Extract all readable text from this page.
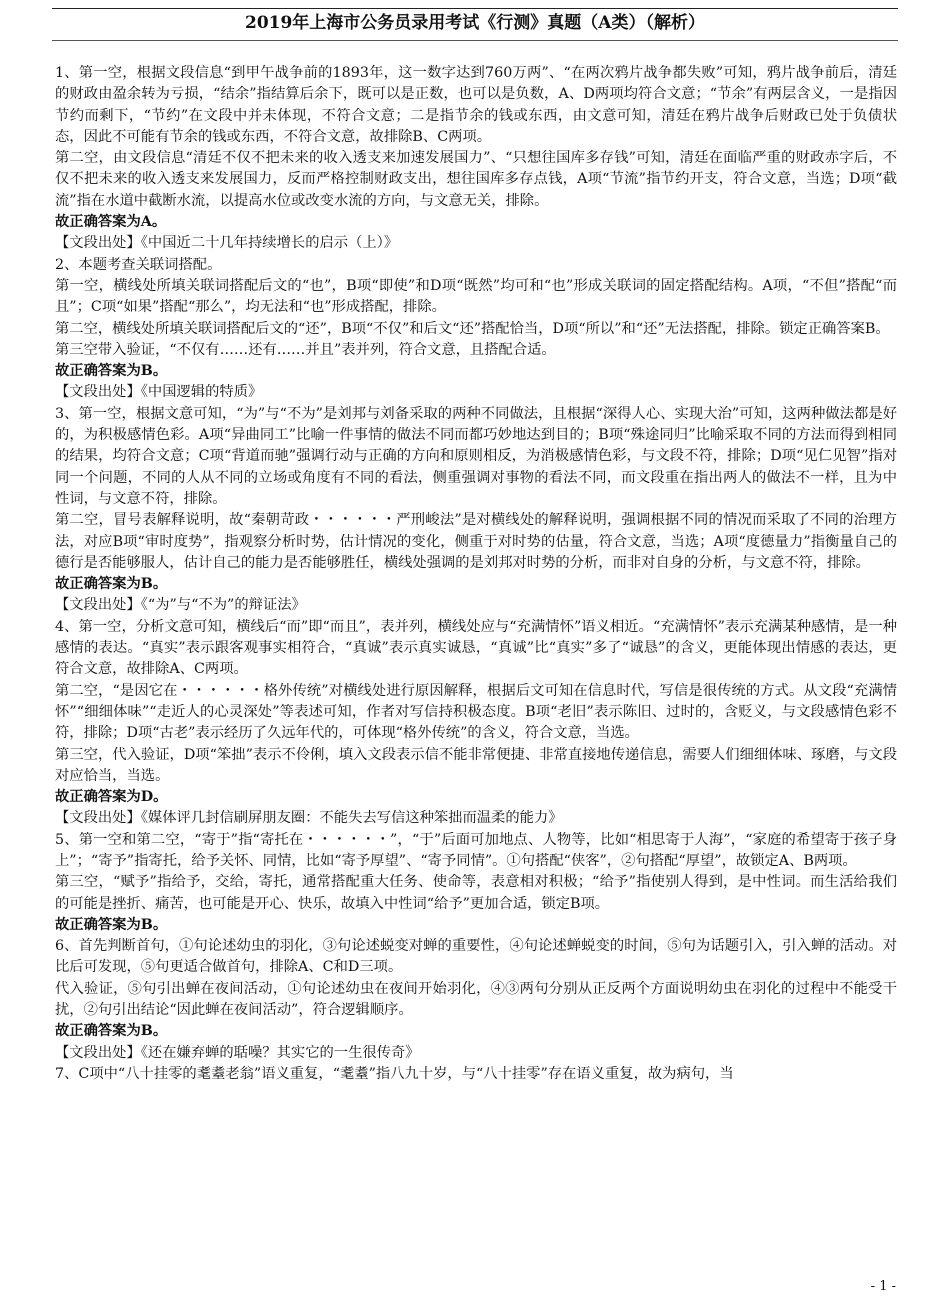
2019年上海市公务员录用考试《行测》真题（A类）（解析）

1、第一空，根据文段信息“到甲午战争前的1893年，这一数字达到760万两”、“在两次鸦片战争都失败”可知，鸦片战争前后，清廷的财政由盈余转为亏损，“结余”指结算后余下，既可以是正数，也可以是负数，A、D两项均符合文意；“节余”有两层含义，一是指因节约而剩下，“节约”在文段中并未体现，不符合文意；二是指节余的钱或东西，由文意可知，清廷在鸦片战争后财政已处于负债状态，因此不可能有节余的钱或东西，不符合文意，故排除B、C两项。

第二空，由文段信息“清廷不仅不把未来的收入透支来加速发展国力”、“只想往国库多存钱”可知，清廷在面临严重的财政赤字后，不仅不把未来的收入透支来发展国力，反而严格控制财政支出，想往国库多存点钱，A项“节流”指节约开支，符合文意，当选；D项“截流”指在水道中截断水流，以提高水位或改变水流的方向，与文意无关，排除。

故正确答案为A。

【文段出处】《中国近二十几年持续增长的启示（上）》

2、本题考查关联词搭配。

第一空，横线处所填关联词搭配后文的“也”，B项“即使”和D项“既然”均可和“也”形成关联词的固定搭配结构。A项，“不但”搭配“而且”；C项“如果”搭配“那么”，均无法和“也”形成搭配，排除。

第二空，横线处所填关联词搭配后文的“还”，B项“不仅”和后文“还”搭配恰当，D项“所以”和“还”无法搭配，排除。锁定正确答案B。

第三空带入验证，“不仅有……还有……并且”表并列，符合文意，且搭配合适。

故正确答案为B。

【文段出处】《中国逻辑的特质》

3、第一空，根据文意可知，“为”与“不为”是刘邦与刘备采取的两种不同做法，且根据“深得人心、实现大治”可知，这两种做法都是好的，为积极感情色彩。A项“异曲同工”比喻一件事情的做法不同而都巧妙地达到目的；B项“殊途同归”比喻采取不同的方法而得到相同的结果，均符合文意；C项“背道而驰”强调行动与正确的方向和原则相反，为消极感情色彩，与文段不符，排除；D项“见仁见智”指对同一个问题，不同的人从不同的立场或角度有不同的看法，侧重强调对事物的看法不同，而文段重在指出两人的做法不一样，且为中性词，与文意不符，排除。

第二空，冒号表解释说明，故“秦朝苛政・・・・・・严刑峻法”是对横线处的解释说明，强调根据不同的情况而采取了不同的治理方法，对应B项“审时度势”，指观察分析时势，估计情况的变化，侧重于对时势的估量，符合文意，当选；A项“度德量力”指衡量自己的德行是否能够服人，估计自己的能力是否能够胜任，横线处强调的是刘邦对时势的分析，而非对自身的分析，与文意不符，排除。

故正确答案为B。

【文段出处】《“为”与“不为”的辩证法》

4、第一空，分析文意可知，横线后“而”即“而且”，表并列，横线处应与“充满情怀”语义相近。“充满情怀”表示充满某种感情，是一种感情的表达。“真实”表示跟客观事实相符合，“真诚”表示真实诚恳，“真诚”比“真实”多了“诚恳”的含义，更能体现出情感的表达，更符合文意，故排除A、C两项。

第二空，“是因它在・・・・・・格外传统”对横线处进行原因解释，根据后文可知在信息时代，写信是很传统的方式。从文段“充满情怀”“细细体味”“走近人的心灵深处”等表述可知，作者对写信持积极态度。B项“老旧”表示陈旧、过时的，含贬义，与文段感情色彩不符，排除；D项“古老”表示经历了久远年代的，可体现“格外传统”的含义，符合文意，当选。

第三空，代入验证，D项“笨拙”表示不伶俐，填入文段表示信不能非常便捷、非常直接地传递信息，需要人们细细体味、琢磨，与文段对应恰当，当选。

故正确答案为D。

【文段出处】《媒体评几封信刷屏朋友圈：不能失去写信这种笨拙而温柔的能力》

5、第一空和第二空，“寄于”指“寄托在・・・・・・”，“于”后面可加地点、人物等，比如“相思寄于人海”，“家庭的希望寄于孩子身上”；“寄予”指寄托，给予关怀、同情，比如“寄予厚望”、“寄予同情”。①句搭配“侠客”，②句搭配“厚望”，故锁定A、B两项。

第三空，“赋予”指给予，交给，寄托，通常搭配重大任务、使命等，表意相对积极；“给予”指使别人得到，是中性词。而生活给我们的可能是挫折、痛苦，也可能是开心、快乐，故填入中性词“给予”更加合适，锁定B项。

故正确答案为B。

6、首先判断首句，①句论述幼虫的羽化，③句论述蜕变对蝉的重要性，④句论述蝉蜕变的时间，⑤句为话题引入，引入蝉的活动。对比后可发现，⑤句更适合做首句，排除A、C和D三项。

代入验证，⑤句引出蝉在夜间活动，①句论述幼虫在夜间开始羽化，④③两句分别从正反两个方面说明幼虫在羽化的过程中不能受干扰，②句引出结论“因此蝉在夜间活动”，符合逻辑顺序。

故正确答案为B。

【文段出处】《还在嫌弃蝉的聒噪？其实它的一生很传奇》

7、C项中“八十挂零的耄耋老翁”语义重复，“耄耋”指八九十岁，与“八十挂零”存在语义重复，故为病句，当

- 1 -
